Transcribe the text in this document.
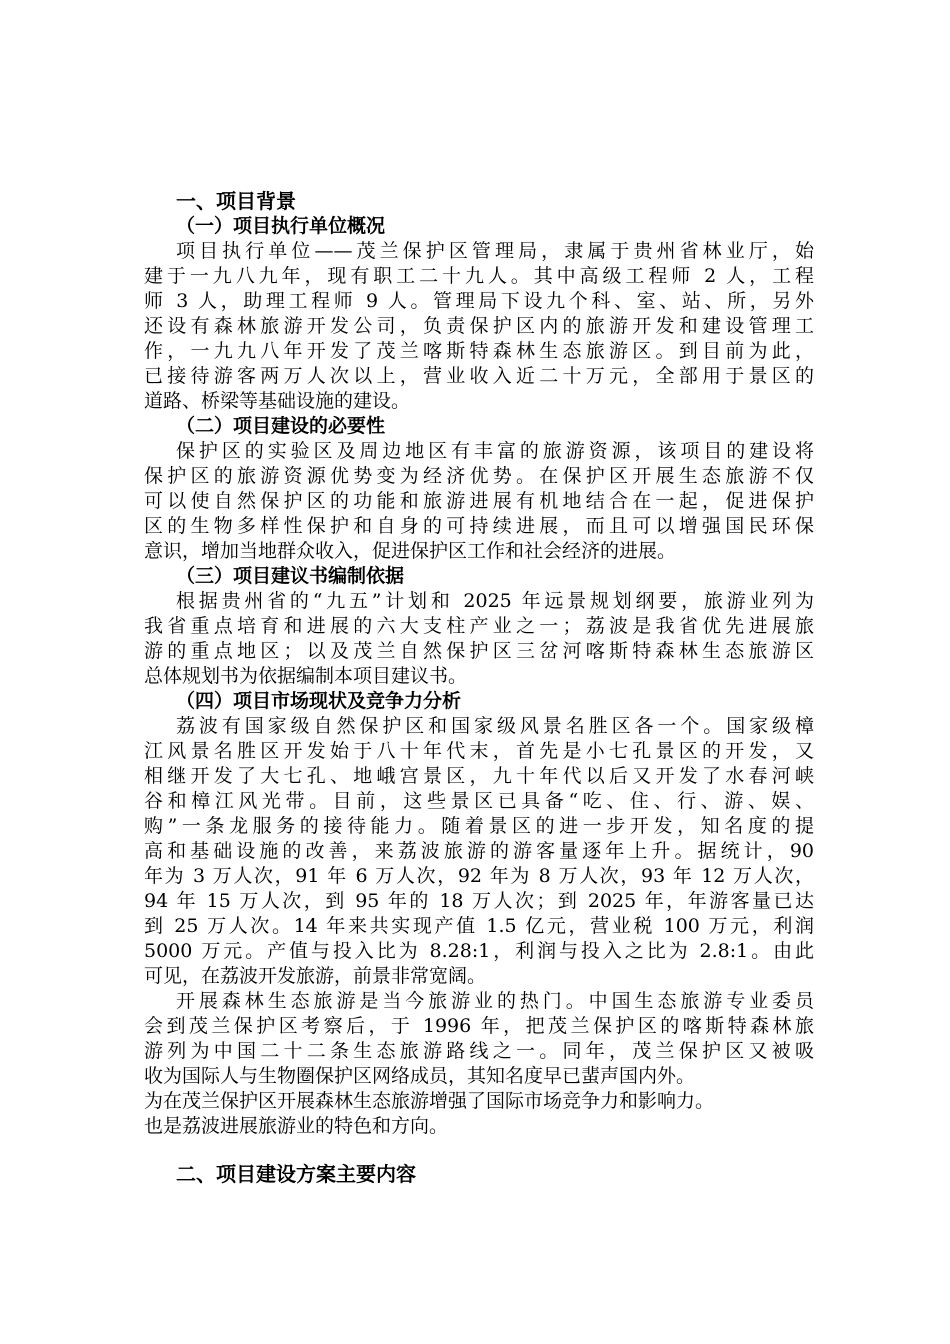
一、项目背景
（一）项目执行单位概况
项目执行单位——茂兰保护区管理局，隶属于贵州省林业厅，始
建于一九八九年，现有职工二十九人。其中高级工程师 2 人，工程
师 3 人，助理工程师 9 人。管理局下设九个科、室、站、所，另外
还设有森林旅游开发公司，负责保护区内的旅游开发和建设管理工
作，一九九八年开发了茂兰喀斯特森林生态旅游区。到目前为此，
已接待游客两万人次以上，营业收入近二十万元，全部用于景区的
道路、桥梁等基础设施的建设。
（二）项目建设的必要性
保护区的实验区及周边地区有丰富的旅游资源，该项目的建设将
保护区的旅游资源优势变为经济优势。在保护区开展生态旅游不仅
可以使自然保护区的功能和旅游进展有机地结合在一起，促进保护
区的生物多样性保护和自身的可持续进展，而且可以增强国民环保
意识，增加当地群众收入，促进保护区工作和社会经济的进展。
（三）项目建议书编制依据
根据贵州省的“九五”计划和 2025 年远景规划纲要，旅游业列为
我省重点培育和进展的六大支柱产业之一；荔波是我省优先进展旅
游的重点地区；以及茂兰自然保护区三岔河喀斯特森林生态旅游区
总体规划书为依据编制本项目建议书。
（四）项目市场现状及竞争力分析
荔波有国家级自然保护区和国家级风景名胜区各一个。国家级樟
江风景名胜区开发始于八十年代末，首先是小七孔景区的开发，又
相继开发了大七孔、地峨宫景区，九十年代以后又开发了水春河峡
谷和樟江风光带。目前，这些景区已具备“吃、住、行、游、娱、
购”一条龙服务的接待能力。随着景区的进一步开发，知名度的提
高和基础设施的改善，来荔波旅游的游客量逐年上升。据统计，90
年为 3 万人次，91 年 6 万人次，92 年为 8 万人次，93 年 12 万人次，
94 年 15 万人次，到 95 年的 18 万人次；到 2025 年，年游客量已达
到 25 万人次。14 年来共实现产值 1.5 亿元，营业税 100 万元，利润
5000 万元。产值与投入比为 8.28:1，利润与投入之比为 2.8:1。由此
可见，在荔波开发旅游，前景非常宽阔。
开展森林生态旅游是当今旅游业的热门。中国生态旅游专业委员
会到茂兰保护区考察后，于 1996 年，把茂兰保护区的喀斯特森林旅
游列为中国二十二条生态旅游路线之一。同年，茂兰保护区又被吸
收为国际人与生物圈保护区网络成员，其知名度早已蜚声国内外。
为在茂兰保护区开展森林生态旅游增强了国际市场竞争力和影响力。
也是荔波进展旅游业的特色和方向。
二、项目建设方案主要内容
